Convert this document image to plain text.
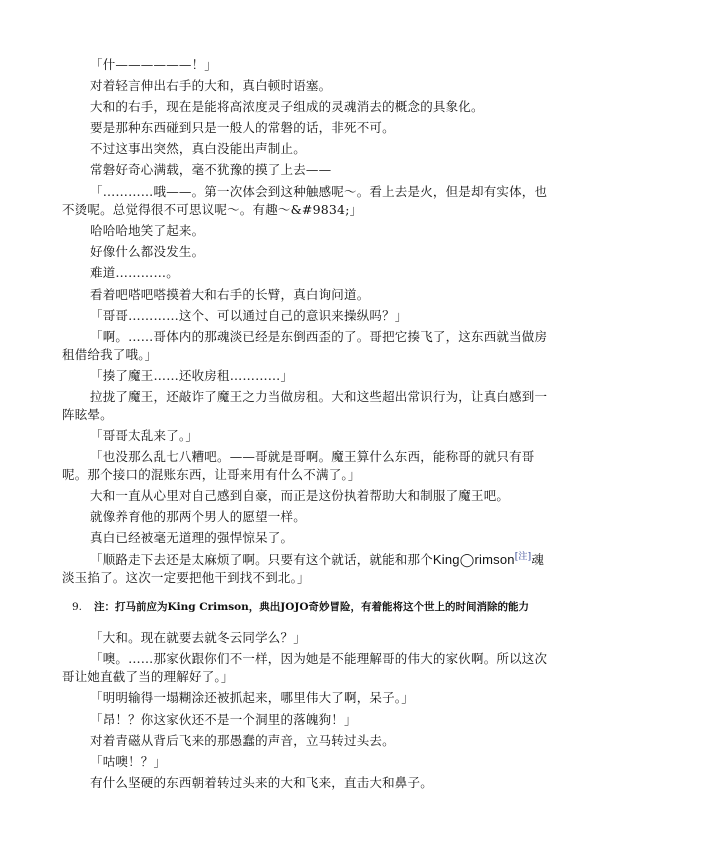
「什——————！」

对着轻言伸出右手的大和，真白顿时语塞。

大和的右手，现在是能将高浓度灵子组成的灵魂消去的概念的具象化。

要是那种东西碰到只是一般人的常磐的话，非死不可。

不过这事出突然，真白没能出声制止。

常磐好奇心满载，毫不犹豫的摸了上去——

「…………哦——。第一次体会到这种触感呢～。看上去是火，但是却有实体，也不烫呢。总觉得很不可思议呢～。有趣～&#9834;」

哈哈哈地笑了起来。

好像什么都没发生。

难道…………。

看着吧嗒吧嗒摸着大和右手的长臂，真白询问道。

「哥哥…………这个、可以通过自己的意识来操纵吗？」

「啊。……哥体内的那魂淡已经是东倒西歪的了。哥把它揍飞了，这东西就当做房租借给我了哦。」

「揍了魔王……还收房租…………」

拉拢了魔王，还敲诈了魔王之力当做房租。大和这些超出常识行为，让真白感到一阵眩晕。

「哥哥太乱来了。」

「也没那么乱七八糟吧。——哥就是哥啊。魔王算什么东西，能称哥的就只有哥呢。那个接口的混账东西，让哥来用有什么不满了。」

大和一直从心里对自己感到自豪，而正是这份执着帮助大和制服了魔王吧。

就像养育他的那两个男人的愿望一样。

真白已经被毫无道理的强悍惊呆了。

「顺路走下去还是太麻烦了啊。只要有这个就话，就能和那个King◯rimson[注]魂淡玉掐了。这次一定要把他干到找不到北。」

9. 注：打马前应为King Crimson，典出JOJO奇妙冒险，有着能将这个世上的时间消除的能力

「大和。现在就要去就冬云同学么？」

「噢。……那家伙跟你们不一样，因为她是不能理解哥的伟大的家伙啊。所以这次哥让她直截了当的理解好了。」

「明明输得一塌糊涂还被抓起来，哪里伟大了啊，呆子。」

「昂！？你这家伙还不是一个洞里的落魄狗！」

对着青磁从背后飞来的那愚蠢的声音，立马转过头去。

「咕噢！？」

有什么坚硬的东西朝着转过头来的大和飞来，直击大和鼻子。
